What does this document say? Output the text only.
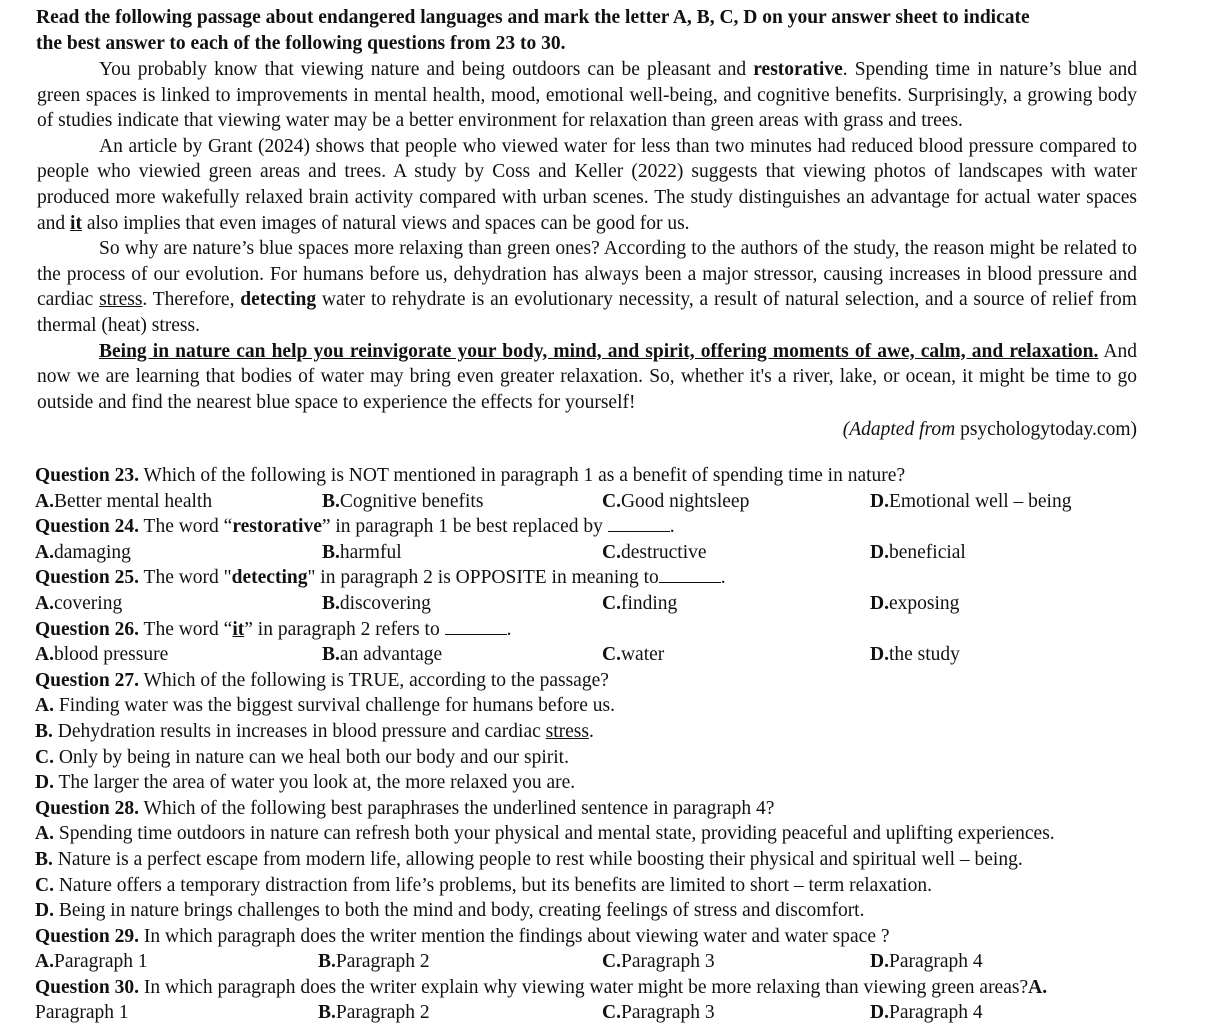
Read the following passage about endangered languages and mark the letter A, B, C, D on your answer sheet to indicate
the best answer to each of the following questions from 23 to 30.

You probably know that viewing nature and being outdoors can be pleasant and restorative. Spending time in nature’s blue and green spaces is linked to improvements in mental health, mood, emotional well-being, and cognitive benefits. Surprisingly, a growing body of studies indicate that viewing water may be a better environment for relaxation than green areas with grass and trees.

An article by Grant (2024) shows that people who viewed water for less than two minutes had reduced blood pressure compared to people who viewied green areas and trees. A study by Coss and Keller (2022) suggests that viewing photos of landscapes with water produced more wakefully relaxed brain activity compared with urban scenes. The study distinguishes an advantage for actual water spaces and it also implies that even images of natural views and spaces can be good for us.

So why are nature’s blue spaces more relaxing than green ones? According to the authors of the study, the reason might be related to the process of our evolution. For humans before us, dehydration has always been a major stressor, causing increases in blood pressure and cardiac stress. Therefore, detecting water to rehydrate is an evolutionary necessity, a result of natural selection, and a source of relief from thermal (heat) stress.

Being in nature can help you reinvigorate your body, mind, and spirit, offering moments of awe, calm, and relaxation. And now we are learning that bodies of water may bring even greater relaxation. So, whether it's a river, lake, or ocean, it might be time to go outside and find the nearest blue space to experience the effects for yourself!

(Adapted from psychologytoday.com)
Question 23. Which of the following is NOT mentioned in paragraph 1 as a benefit of spending time in nature?
A. Better mental health	B. Cognitive benefits	C. Good nightsleep	D. Emotional well – being
Question 24. The word “restorative” in paragraph 1 be best replaced by	.
A. damaging	B. harmful	C. destructive	D. beneficial
Question 25. The word "detecting" in paragraph 2 is OPPOSITE in meaning to	.
A. covering	B. discovering	C. finding	D. exposing
Question 26. The word “it” in paragraph 2 refers to	.
A. blood pressure	B. an advantage	C. water	D. the study
Question 27. Which of the following is TRUE, according to the passage?
A. Finding water was the biggest survival challenge for humans before us.
B. Dehydration results in increases in blood pressure and cardiac stress.
C. Only by being in nature can we heal both our body and our spirit.
D. The larger the area of water you look at, the more relaxed you are.
Question 28. Which of the following best paraphrases the underlined sentence in paragraph 4?
A. Spending time outdoors in nature can refresh both your physical and mental state, providing peaceful and uplifting experiences.
B. Nature is a perfect escape from modern life, allowing people to rest while boosting their physical and spiritual well – being.
C. Nature offers a temporary distraction from life’s problems, but its benefits are limited to short – term relaxation.
D. Being in nature brings challenges to both the mind and body, creating feelings of stress and discomfort.
Question 29. In which paragraph does the writer mention the findings about viewing water and water space ?
A. Paragraph 1	B. Paragraph 2	C. Paragraph 3	D. Paragraph 4
Question 30. In which paragraph does the writer explain why viewing water might be more relaxing than viewing green areas?A.
Paragraph 1	B. Paragraph 2	C. Paragraph 3	D. Paragraph 4
